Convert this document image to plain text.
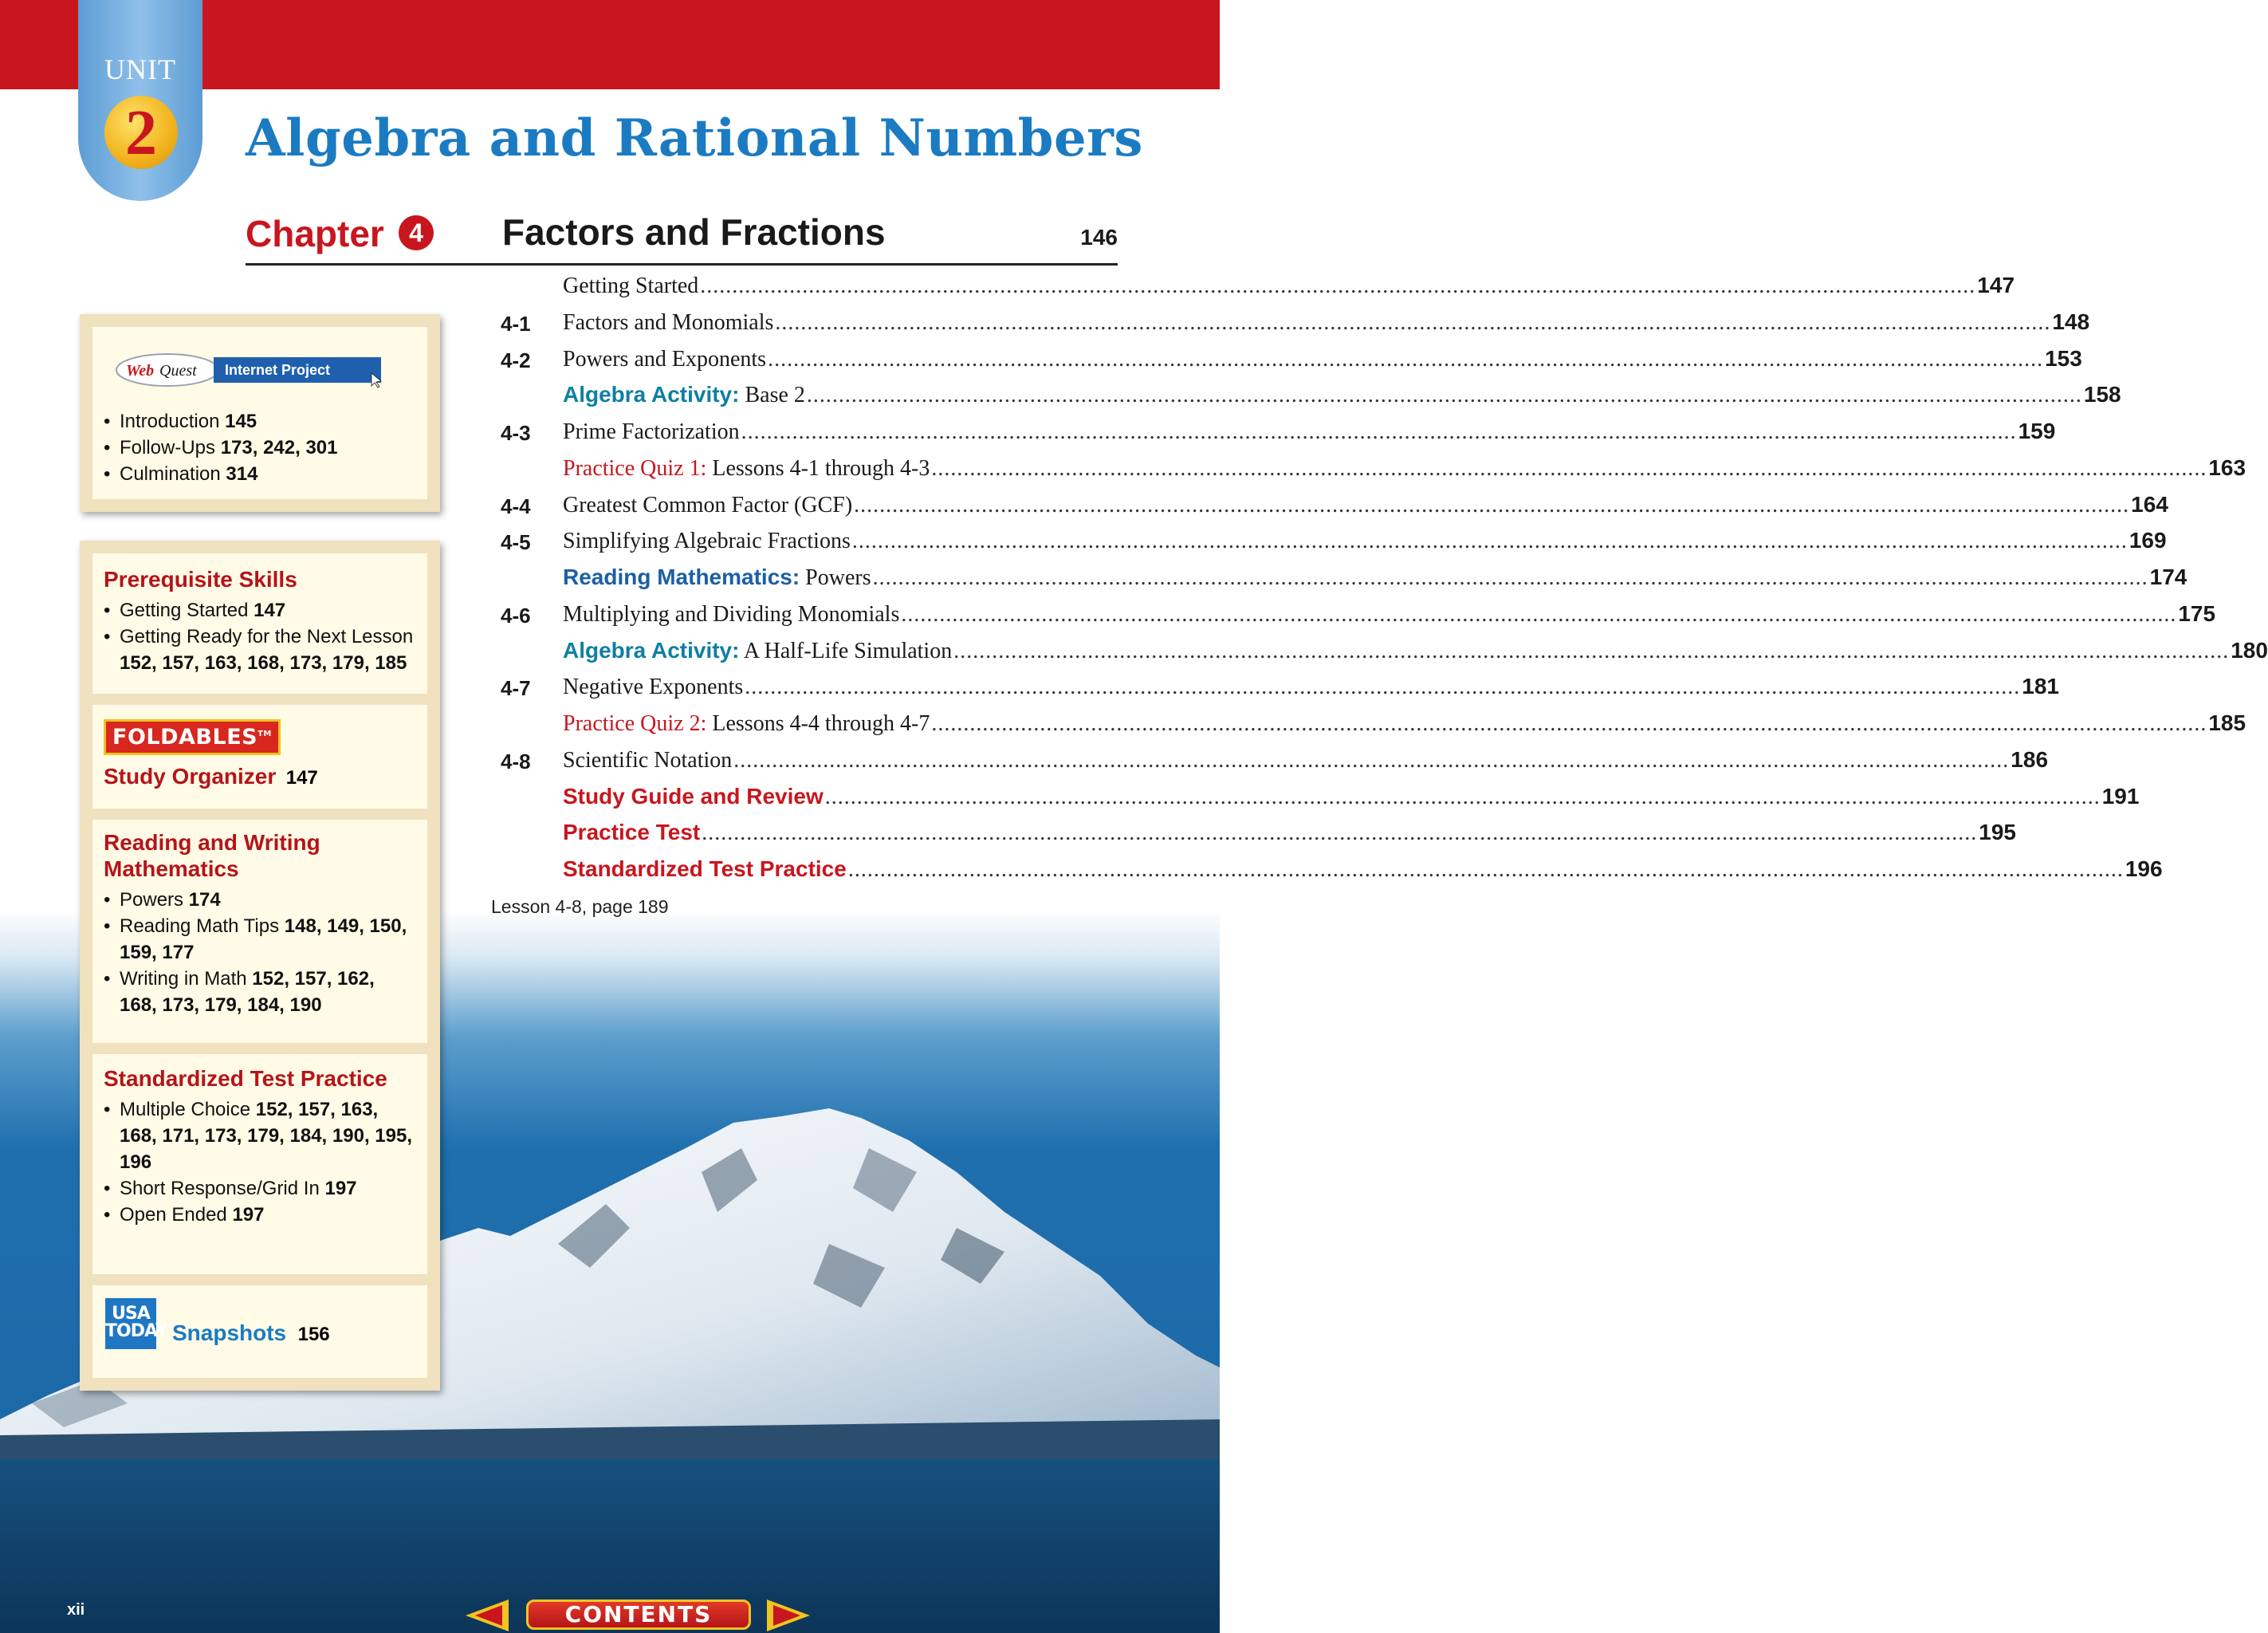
UNIT
2	Algebra and Rational Numbers
Chapter 4 Factors and Fractions	146
Getting Started ........................................................................................................................................................................................................ 147
4-1 Factors and Monomials ........................................................................................................................................................................................................ 148
4-2 Powers and Exponents ........................................................................................................................................................................................................ 153
Algebra Activity: Base 2 ........................................................................................................................................................................................................ 158
4-3 Prime Factorization ........................................................................................................................................................................................................ 159
Practice Quiz 1: Lessons 4-1 through 4-3 ........................................................................................................................................................................................................ 163
4-4 Greatest Common Factor (GCF) ........................................................................................................................................................................................................ 164
4-5 Simplifying Algebraic Fractions ........................................................................................................................................................................................................ 169
Reading Mathematics: Powers ........................................................................................................................................................................................................ 174
4-6 Multiplying and Dividing Monomials ........................................................................................................................................................................................................ 175
Algebra Activity: A Half-Life Simulation ........................................................................................................................................................................................................ 180
4-7 Negative Exponents ........................................................................................................................................................................................................ 181
Practice Quiz 2: Lessons 4-4 through 4-7 ........................................................................................................................................................................................................ 185
4-8 Scientific Notation ........................................................................................................................................................................................................ 186
Study Guide and Review ........................................................................................................................................................................................................ 191
Practice Test ........................................................................................................................................................................................................ 195
Standardized Test Practice ........................................................................................................................................................................................................ 196
Lesson 4-8, page 189
Web Quest Internet Project
• Introduction 145
• Follow-Ups 173, 242, 301
• Culmination 314
Prerequisite Skills
• Getting Started 147
• Getting Ready for the Next Lesson 152, 157, 163, 168, 173, 179, 185
FOLDABLES™
Study Organizer 147
Reading and Writing
Mathematics
• Powers 174
• Reading Math Tips 148, 149, 150, 159, 177
• Writing in Math 152, 157, 162, 168, 173, 179, 184, 190
Standardized Test Practice
• Multiple Choice 152, 157, 163, 168, 171, 173, 179, 184, 190, 195, 196
• Short Response/Grid In 197
• Open Ended 197
USA
TODAY Snapshots 156
xii	CONTENTS
